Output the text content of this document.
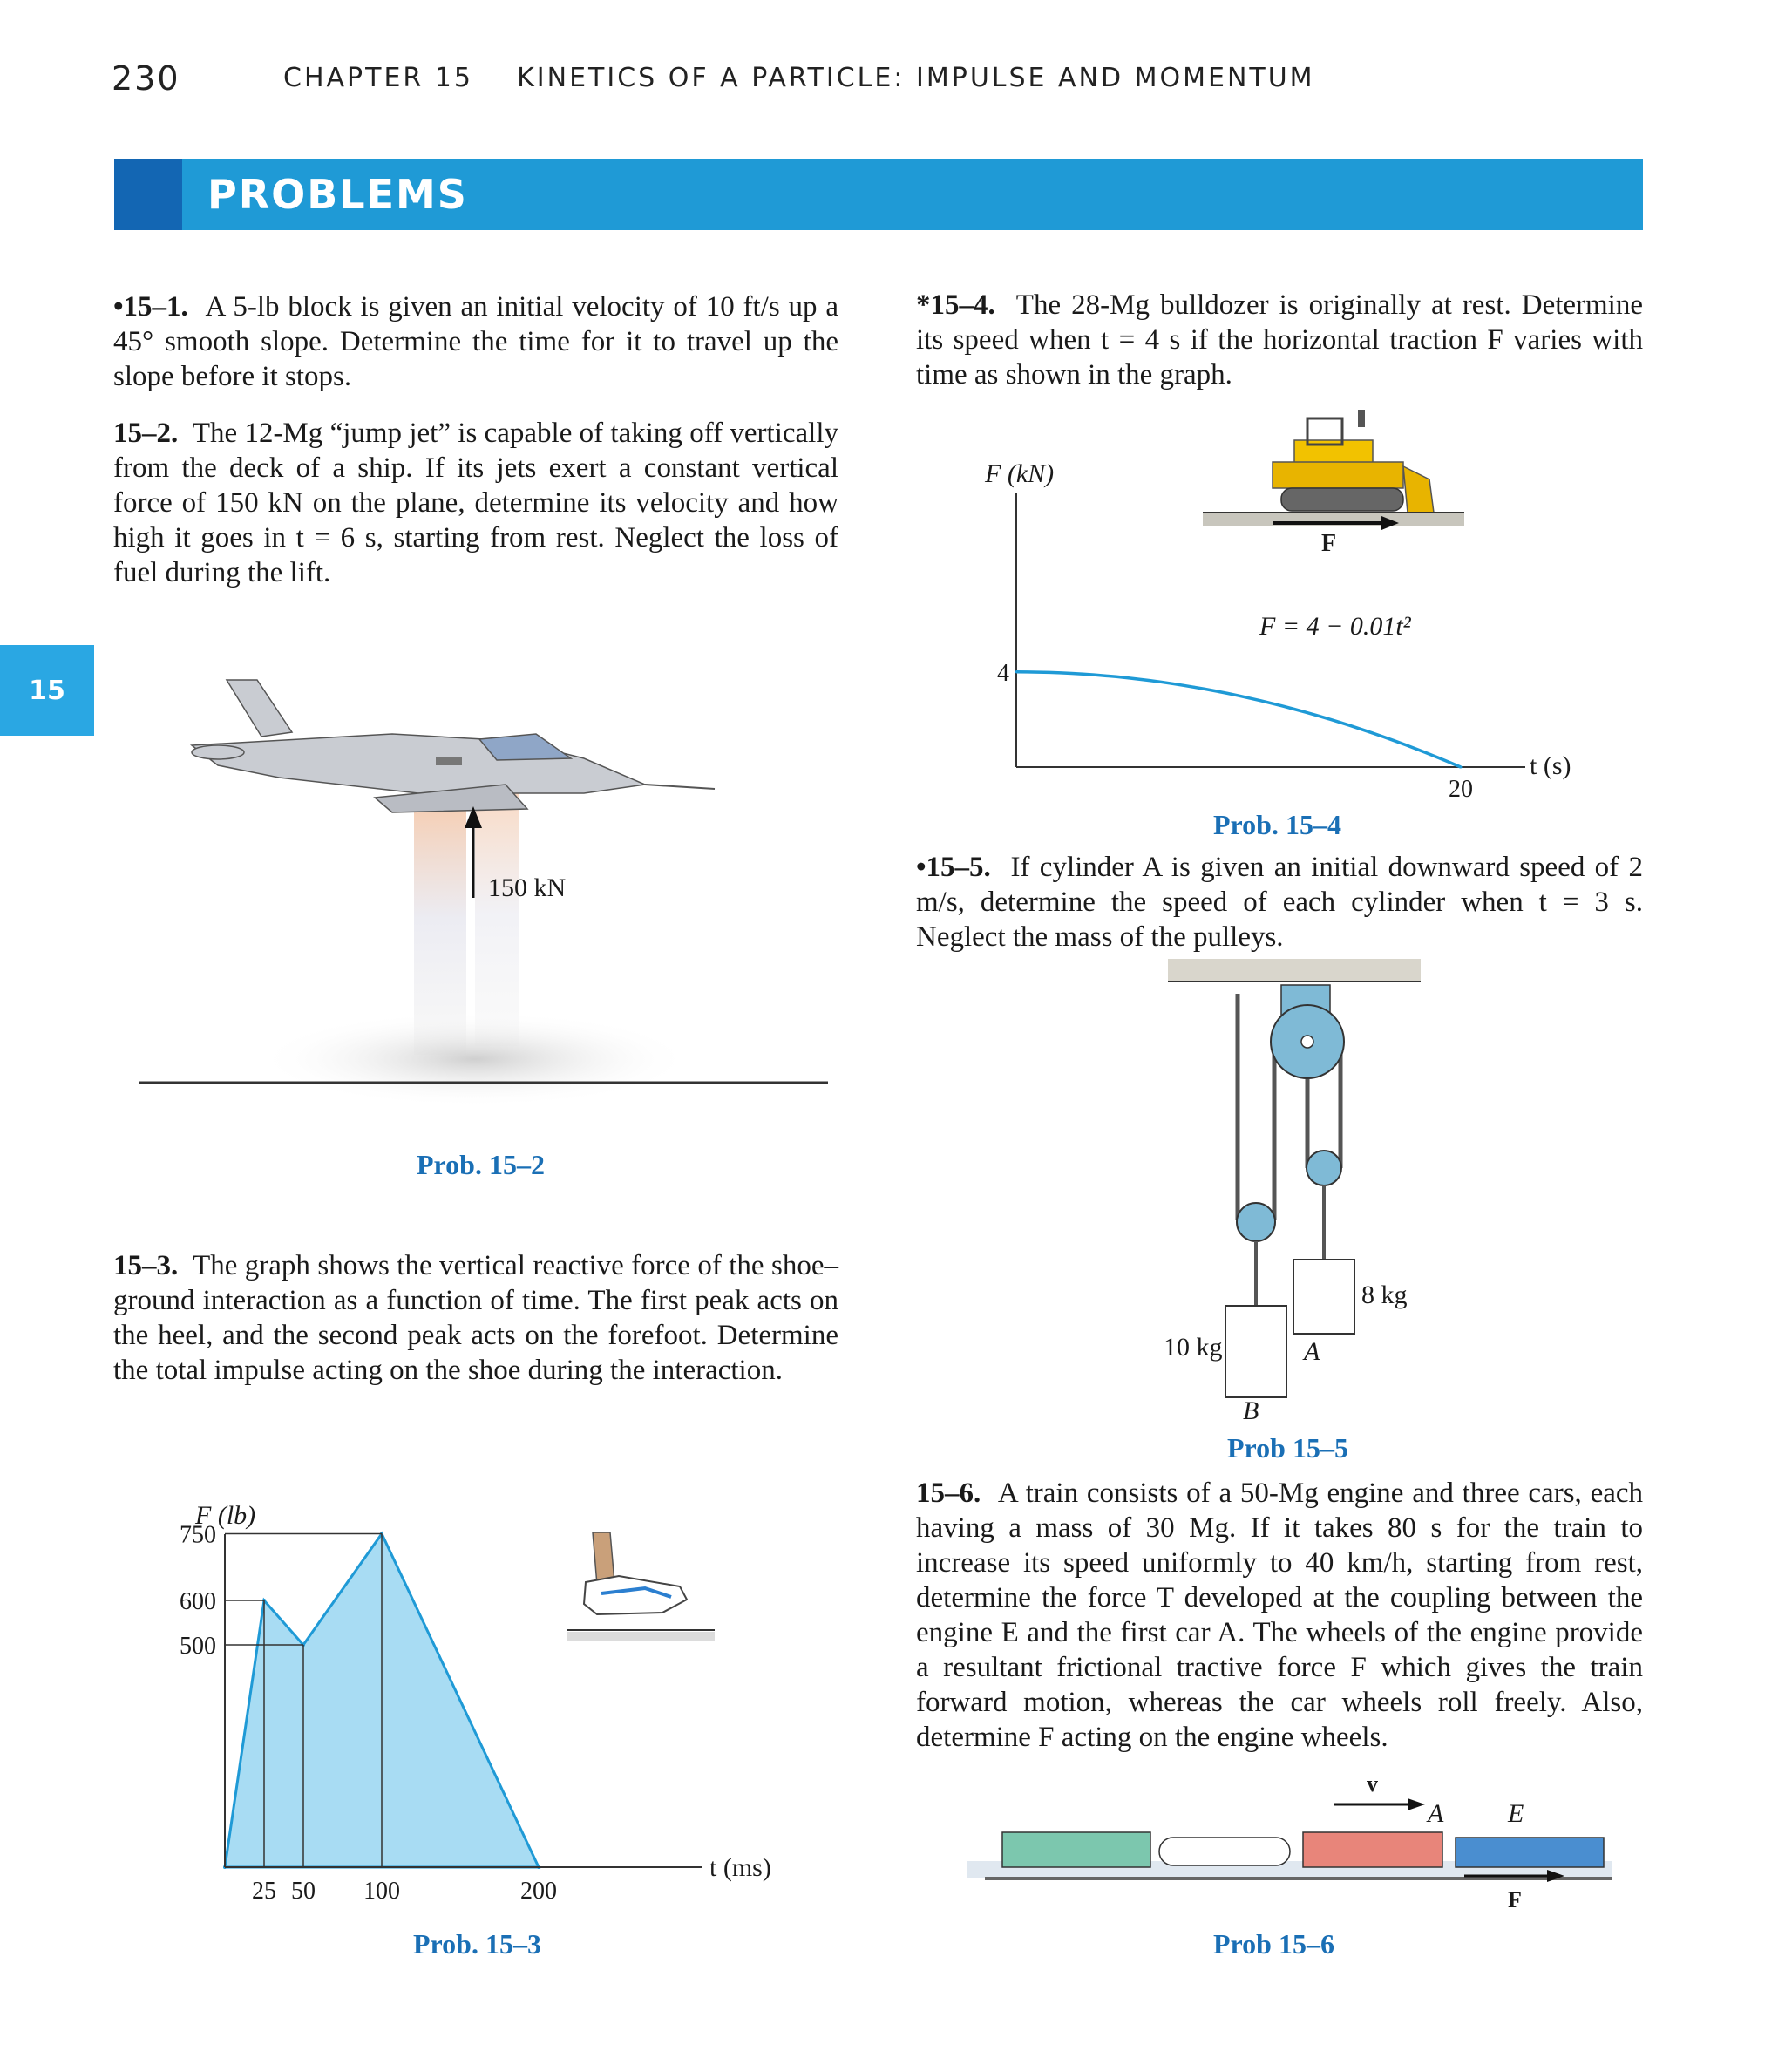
230	CHAPTER 15 KINETICS OF A PARTICLE: IMPULSE AND MOMENTUM
PROBLEMS
15
•15–1. A 5-lb block is given an initial velocity of 10 ft/s up a 45° smooth slope. Determine the time for it to travel up the slope before it stops.
15–2. The 12-Mg “jump jet” is capable of taking off vertically from the deck of a ship. If its jets exert a constant vertical force of 150 kN on the plane, determine its velocity and how high it goes in t = 6 s, starting from rest. Neglect the loss of fuel during the lift.
150 kN
Prob. 15–2
15–3. The graph shows the vertical reactive force of the shoe–ground interaction as a function of time. The first peak acts on the heel, and the second peak acts on the forefoot. Determine the total impulse acting on the shoe during the interaction.
F (lb)
t (ms)
25 50 100	200
750
600
500
Prob. 15–3
*15–4. The 28-Mg bulldozer is originally at rest. Determine its speed when t = 4 s if the horizontal traction F varies with time as shown in the graph.
F
F (kN)
20
4
F = 4 − 0.01t²
t (s)
Prob. 15–4
•15–5. If cylinder A is given an initial downward speed of 2 m/s, determine the speed of each cylinder when t = 3 s. Neglect the mass of the pulleys.
8 kg
10 kg	A
B
Prob 15–5
15–6. A train consists of a 50-Mg engine and three cars, each having a mass of 30 Mg. If it takes 80 s for the train to increase its speed uniformly to 40 km/h, starting from rest, determine the force T developed at the coupling between the engine E and the first car A. The wheels of the engine provide a resultant frictional tractive force F which gives the train forward motion, whereas the car wheels roll freely. Also, determine F acting on the engine wheels.
v
A E
F
Prob 15–6
